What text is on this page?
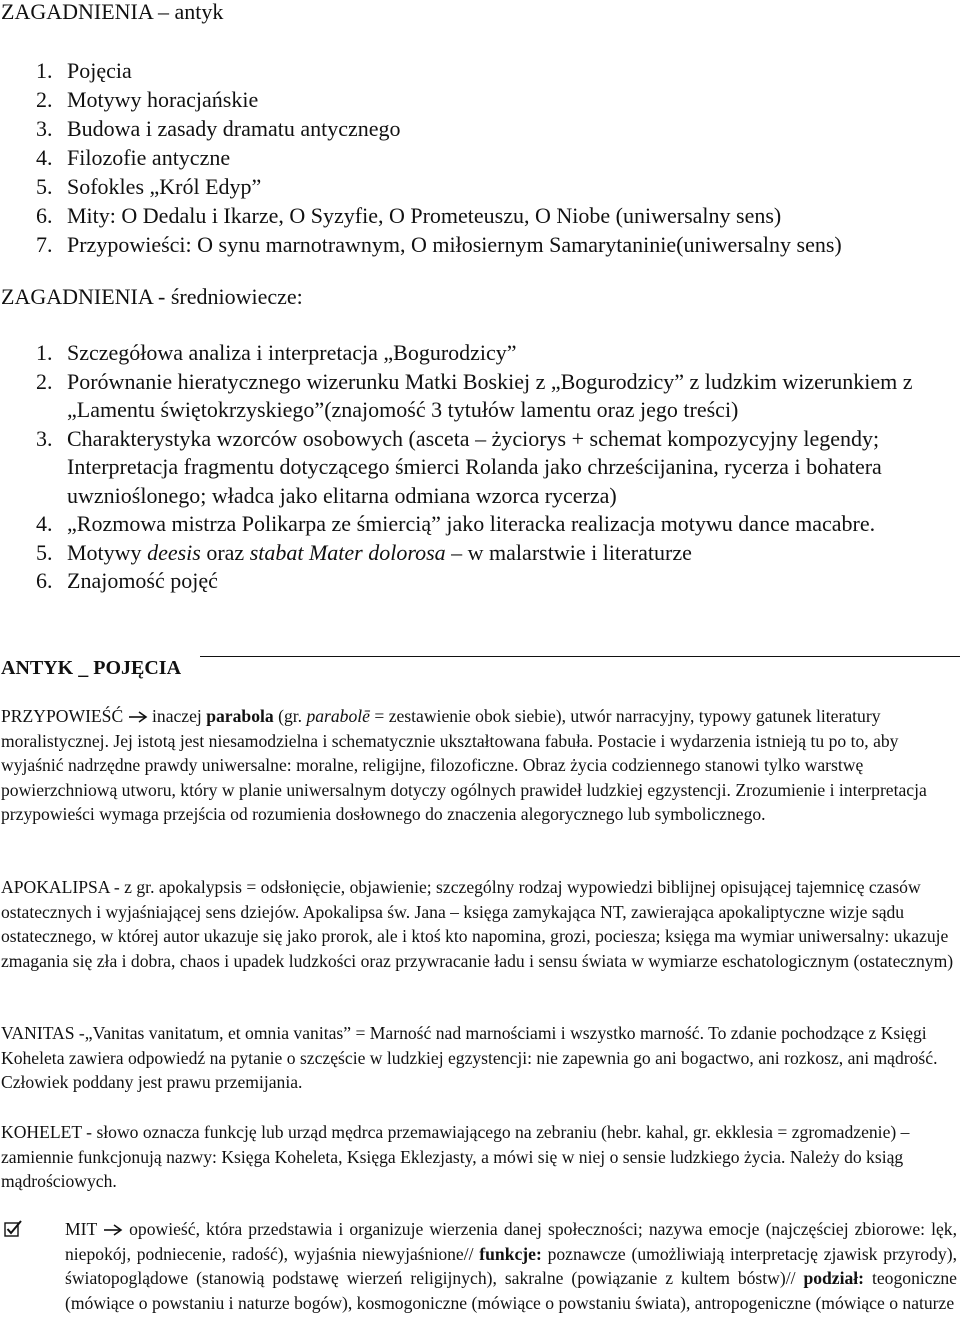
ZAGADNIENIA – antyk
1. Pojęcia
2. Motywy horacjańskie
3. Budowa i zasady dramatu antycznego
4. Filozofie antyczne
5. Sofokles „Król Edyp”
6. Mity: O Dedalu i Ikarze, O Syzyfie, O Prometeuszu, O Niobe (uniwersalny sens)
7. Przypowieści: O synu marnotrawnym, O miłosiernym Samarytaninie(uniwersalny sens)
ZAGADNIENIA - średniowiecze:
1. Szczegółowa analiza i interpretacja „Bogurodzicy”
2. Porównanie hieratycznego wizerunku Matki Boskiej z „Bogurodzicy” z ludzkim wizerunkiem z „Lamentu świętokrzyskiego”(znajomość 3 tytułów lamentu oraz jego treści)
3. Charakterystyka wzorców osobowych (asceta – życiorys + schemat kompozycyjny legendy; Interpretacja fragmentu dotyczącego śmierci Rolanda jako chrześcijanina, rycerza i bohatera uwznioślonego; władca jako elitarna odmiana wzorca rycerza)
4. „Rozmowa mistrza Polikarpa ze śmiercią” jako literacka realizacja motywu dance macabre.
5. Motywy deesis oraz stabat Mater dolorosa – w malarstwie i literaturze
6. Znajomość pojęć
ANTYK _ POJĘCIA

PRZYPOWIEŚĆ  inaczej parabola (gr. parabolē = zestawienie obok siebie), utwór narracyjny, typowy gatunek literatury moralistycznej. Jej istotą jest niesamodzielna i schematycznie ukształtowana fabuła. Postacie i wydarzenia istnieją tu po to, aby wyjaśnić nadrzędne prawdy uniwersalne: moralne, religijne, filozoficzne. Obraz życia codziennego stanowi tylko warstwę powierzchniową utworu, który w planie uniwersalnym dotyczy ogólnych prawideł ludzkiej egzystencji. Zrozumienie i interpretacja przypowieści wymaga przejścia od rozumienia dosłownego do znaczenia alegorycznego lub symbolicznego.

APOKALIPSA - z gr. apokalypsis = odsłonięcie, objawienie; szczególny rodzaj wypowiedzi biblijnej opisującej tajemnicę czasów ostatecznych i wyjaśniającej sens dziejów. Apokalipsa św. Jana – księga zamykająca NT, zawierająca apokaliptyczne wizje sądu ostatecznego, w której autor ukazuje się jako prorok, ale i ktoś kto napomina, grozi, pociesza; księga ma wymiar uniwersalny: ukazuje zmagania się zła i dobra, chaos i upadek ludzkości oraz przywracanie ładu i sensu świata w wymiarze eschatologicznym (ostatecznym)

VANITAS -„Vanitas vanitatum, et omnia vanitas” = Marność nad marnościami i wszystko marność. To zdanie pochodzące z Księgi Koheleta zawiera odpowiedź na pytanie o szczęście w ludzkiej egzystencji: nie zapewnia go ani bogactwo, ani rozkosz, ani mądrość. Człowiek poddany jest prawu przemijania.

KOHELET - słowo oznacza funkcję lub urząd mędrca przemawiającego na zebraniu (hebr. kahal, gr. ekklesia = zgromadzenie) – zamiennie funkcjonują nazwy: Księga Koheleta, Księga Eklezjasty, a mówi się w niej o sensie ludzkiego życia. Należy do ksiąg mądrościowych.

MIT  opowieść, która przedstawia i organizuje wierzenia danej społeczności; nazywa emocje (najczęściej zbiorowe: lęk, niepokój, podniecenie, radość), wyjaśnia niewyjaśnione// funkcje: poznawcze (umożliwiają interpretację zjawisk przyrody), światopoglądowe (stanowią podstawę wierzeń religijnych), sakralne (powiązanie z kultem bóstw)// podział: teogoniczne (mówiące o powstaniu i naturze bogów), kosmogoniczne (mówiące o powstaniu świata), antropogeniczne (mówiące o naturze
